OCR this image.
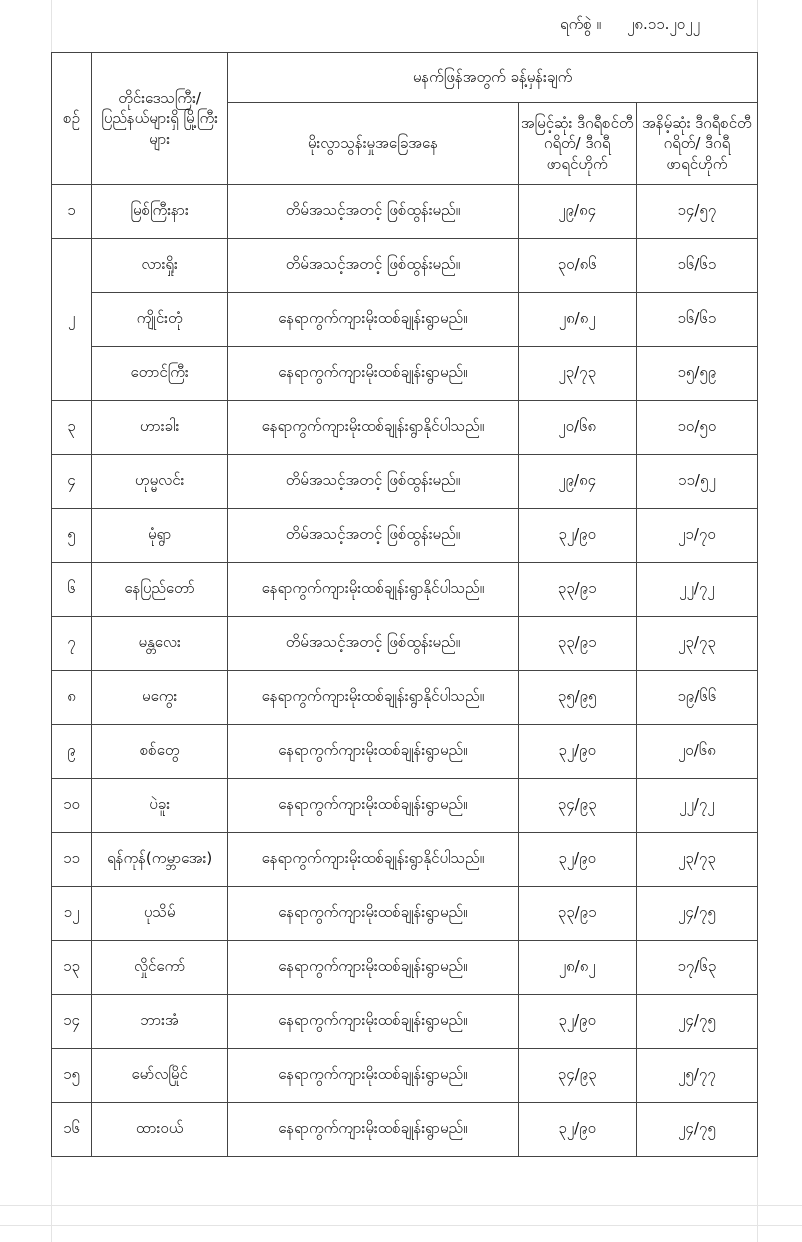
ရက်စွဲ ။ ၂၈.၁၁.၂၀၂၂
စဉ်	တိုင်းဒေသကြီး/ ပြည်နယ်များရှိ မြို့ကြီးများ	မနက်ဖြန်အတွက် ခန့်မှန်းချက်		
		မိုးလွာသွန်းမှုအခြေအနေ	အမြင့်ဆုံး ဒီဂရီစင်တီဂရိတ်/ ဒီဂရီဖာရင်ဟိုက်	အနိမ့်ဆုံး ဒီဂရီစင်တီဂရိတ်/ ဒီဂရီဖာရင်ဟိုက်
၁	မြစ်ကြီးနား	တိမ်အသင့်အတင့် ဖြစ်ထွန်းမည်။	၂၉/၈၄	၁၄/၅၇
၂	လားရှိုး	တိမ်အသင့်အတင့် ဖြစ်ထွန်းမည်။	၃၀/၈၆	၁၆/၆၁
	ကျိုင်းတုံ	နေရာကွက်ကျားမိုးထစ်ချုန်းရွာမည်။	၂၈/၈၂	၁၆/၆၁
	တောင်ကြီး	နေရာကွက်ကျားမိုးထစ်ချုန်းရွာမည်။	၂၃/၇၃	၁၅/၅၉
၃	ဟားခါး	နေရာကွက်ကျားမိုးထစ်ချုန်းရွာနိုင်ပါသည်။	၂၀/၆၈	၁၀/၅၀
၄	ဟုမ္မလင်း	တိမ်အသင့်အတင့် ဖြစ်ထွန်းမည်။	၂၉/၈၄	၁၁/၅၂
၅	မုံရွာ	တိမ်အသင့်အတင့် ဖြစ်ထွန်းမည်။	၃၂/၉၀	၂၁/၇၀
၆	နေပြည်တော်	နေရာကွက်ကျားမိုးထစ်ချုန်းရွာနိုင်ပါသည်။	၃၃/၉၁	၂၂/၇၂
၇	မန္တလေး	တိမ်အသင့်အတင့် ဖြစ်ထွန်းမည်။	၃၃/၉၁	၂၃/၇၃
၈	မကွေး	နေရာကွက်ကျားမိုးထစ်ချုန်းရွာနိုင်ပါသည်။	၃၅/၉၅	၁၉/၆၆
၉	စစ်တွေ	နေရာကွက်ကျားမိုးထစ်ချုန်းရွာမည်။	၃၂/၉၀	၂၀/၆၈
၁၀	ပဲခူး	နေရာကွက်ကျားမိုးထစ်ချုန်းရွာမည်။	၃၄/၉၃	၂၂/၇၂
၁၁	ရန်ကုန်(ကမ္ဘာအေး)	နေရာကွက်ကျားမိုးထစ်ချုန်းရွာနိုင်ပါသည်။	၃၂/၉၀	၂၃/၇၃
၁၂	ပုသိမ်	နေရာကွက်ကျားမိုးထစ်ချုန်းရွာမည်။	၃၃/၉၁	၂၄/၇၅
၁၃	လှိုင်ကော်	နေရာကွက်ကျားမိုးထစ်ချုန်းရွာမည်။	၂၈/၈၂	၁၇/၆၃
၁၄	ဘားအံ	နေရာကွက်ကျားမိုးထစ်ချုန်းရွာမည်။	၃၂/၉၀	၂၄/၇၅
၁၅	မော်လမြိုင်	နေရာကွက်ကျားမိုးထစ်ချုန်းရွာမည်။	၃၄/၉၃	၂၅/၇၇
၁၆	ထားဝယ်	နေရာကွက်ကျားမိုးထစ်ချုန်းရွာမည်။	၃၂/၉၀	၂၄/၇၅
